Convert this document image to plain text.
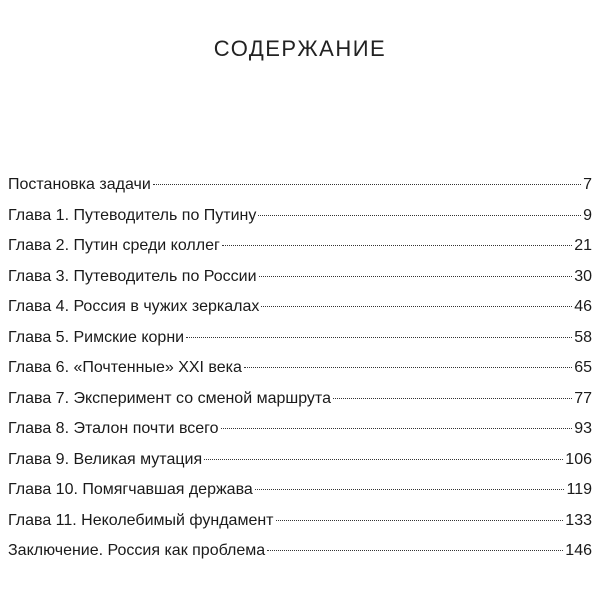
СОДЕРЖАНИЕ
Постановка задачи	7
Глава 1. Путеводитель по Путину	9
Глава 2. Путин среди коллег	21
Глава 3. Путеводитель по России	30
Глава 4. Россия в чужих зеркалах	46
Глава 5. Римские корни	58
Глава 6. «Почтенные» XXI века	65
Глава 7. Эксперимент со сменой маршрута	77
Глава 8. Эталон почти всего	93
Глава 9. Великая мутация	106
Глава 10. Помягчавшая держава	119
Глава 11. Неколебимый фундамент	133
Заключение. Россия как проблема	146
